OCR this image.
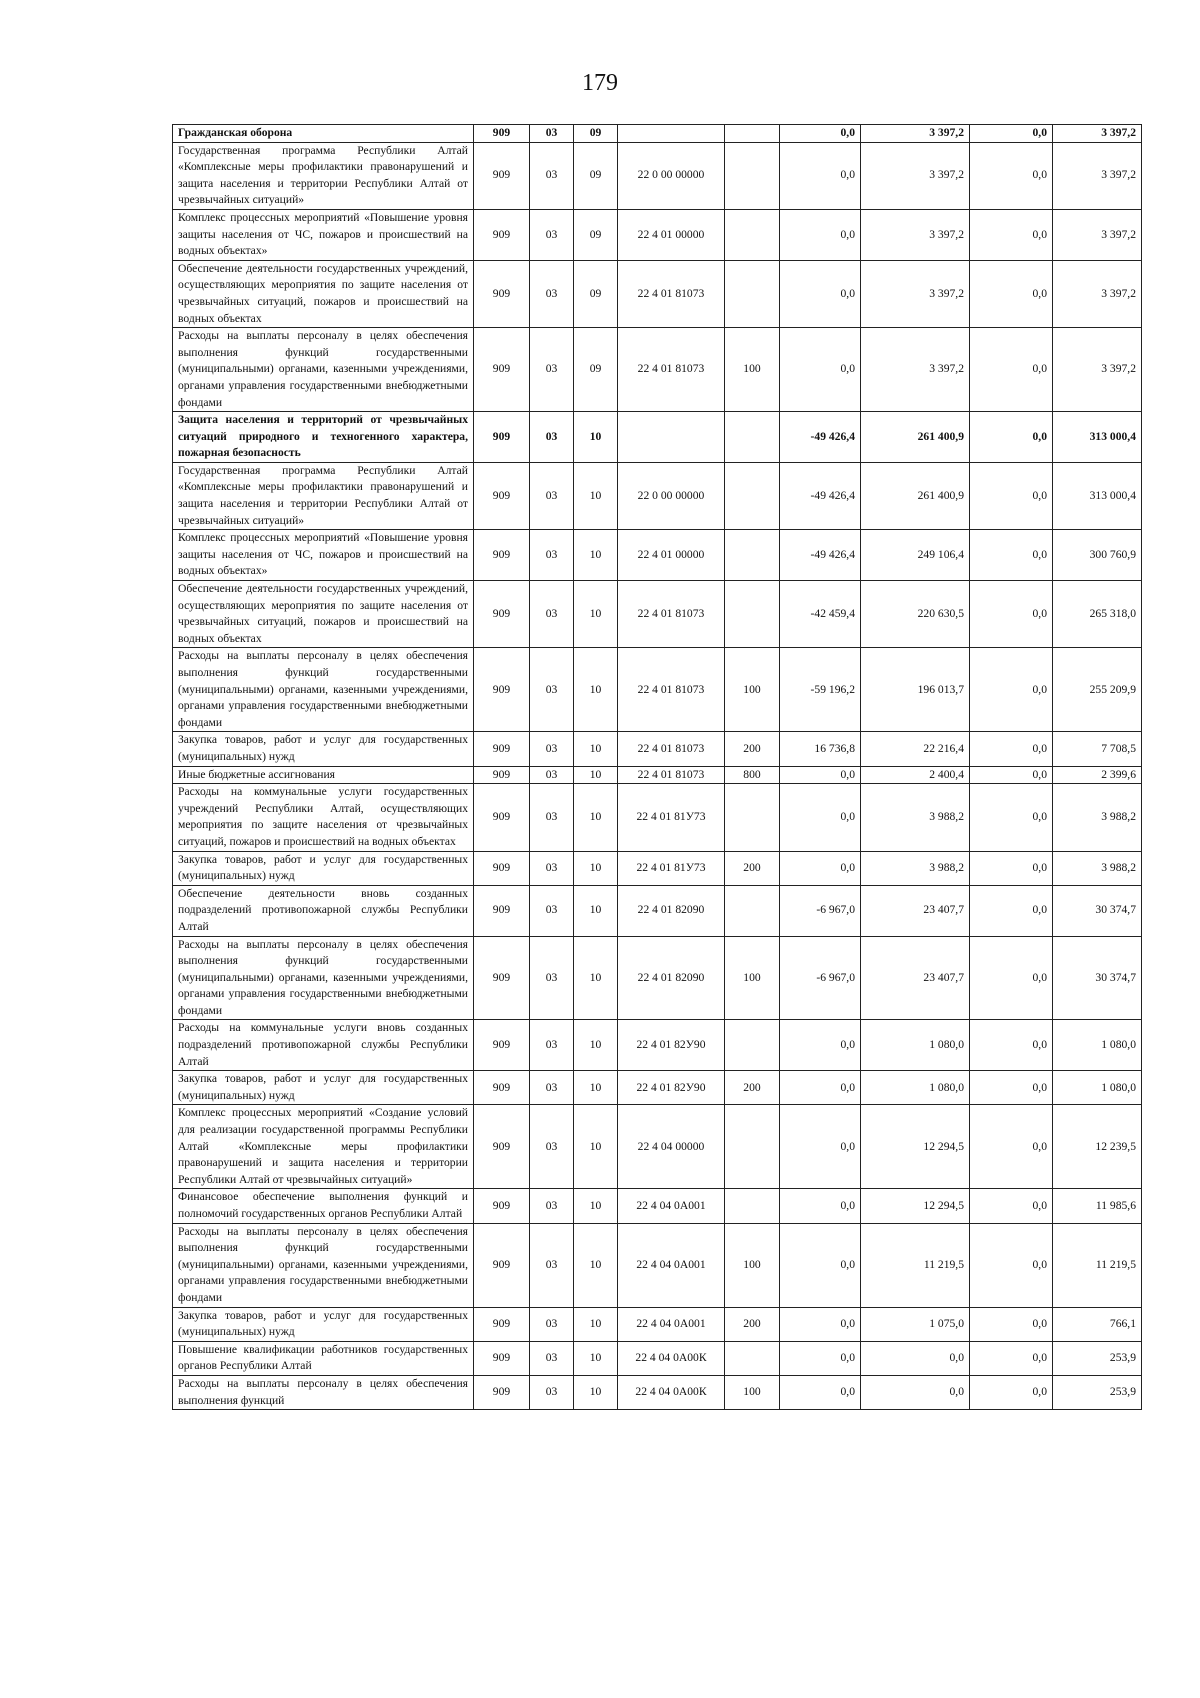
179
Гражданская оборона	909	03	09			0,0	3 397,2	0,0	3 397,2
Государственная программа Республики Алтай «Комплексные меры профилактики правонарушений и защита населения и территории Республики Алтай от чрезвычайных ситуаций»	909	03	09	22 0 00 00000		0,0	3 397,2	0,0	3 397,2
Комплекс процессных мероприятий «Повышение уровня защиты населения от ЧС, пожаров и происшествий на водных объектах»	909	03	09	22 4 01 00000		0,0	3 397,2	0,0	3 397,2
Обеспечение деятельности государственных учреждений, осуществляющих мероприятия по защите населения от чрезвычайных ситуаций, пожаров и происшествий на водных объектах	909	03	09	22 4 01 81073		0,0	3 397,2	0,0	3 397,2
Расходы на выплаты персоналу в целях обеспечения выполнения функций государственными (муниципальными) органами, казенными учреждениями, органами управления государственными внебюджетными фондами	909	03	09	22 4 01 81073	100	0,0	3 397,2	0,0	3 397,2
Защита населения и территорий от чрезвычайных ситуаций природного и техногенного характера, пожарная безопасность	909	03	10			-49 426,4	261 400,9	0,0	313 000,4
Государственная программа Республики Алтай «Комплексные меры профилактики правонарушений и защита населения и территории Республики Алтай от чрезвычайных ситуаций»	909	03	10	22 0 00 00000		-49 426,4	261 400,9	0,0	313 000,4
Комплекс процессных мероприятий «Повышение уровня защиты населения от ЧС, пожаров и происшествий на водных объектах»	909	03	10	22 4 01 00000		-49 426,4	249 106,4	0,0	300 760,9
Обеспечение деятельности государственных учреждений, осуществляющих мероприятия по защите населения от чрезвычайных ситуаций, пожаров и происшествий на водных объектах	909	03	10	22 4 01 81073		-42 459,4	220 630,5	0,0	265 318,0
Расходы на выплаты персоналу в целях обеспечения выполнения функций государственными (муниципальными) органами, казенными учреждениями, органами управления государственными внебюджетными фондами	909	03	10	22 4 01 81073	100	-59 196,2	196 013,7	0,0	255 209,9
Закупка товаров, работ и услуг для государственных (муниципальных) нужд	909	03	10	22 4 01 81073	200	16 736,8	22 216,4	0,0	7 708,5
Иные бюджетные ассигнования	909	03	10	22 4 01 81073	800	0,0	2 400,4	0,0	2 399,6
Расходы на коммунальные услуги государственных учреждений Республики Алтай, осуществляющих мероприятия по защите населения от чрезвычайных ситуаций, пожаров и происшествий на водных объектах	909	03	10	22 4 01 81У73		0,0	3 988,2	0,0	3 988,2
Закупка товаров, работ и услуг для государственных (муниципальных) нужд	909	03	10	22 4 01 81У73	200	0,0	3 988,2	0,0	3 988,2
Обеспечение деятельности вновь созданных подразделений противопожарной службы Республики Алтай	909	03	10	22 4 01 82090		-6 967,0	23 407,7	0,0	30 374,7
Расходы на выплаты персоналу в целях обеспечения выполнения функций государственными (муниципальными) органами, казенными учреждениями, органами управления государственными внебюджетными фондами	909	03	10	22 4 01 82090	100	-6 967,0	23 407,7	0,0	30 374,7
Расходы на коммунальные услуги вновь созданных подразделений противопожарной службы Республики Алтай	909	03	10	22 4 01 82У90		0,0	1 080,0	0,0	1 080,0
Закупка товаров, работ и услуг для государственных (муниципальных) нужд	909	03	10	22 4 01 82У90	200	0,0	1 080,0	0,0	1 080,0
Комплекс процессных мероприятий «Создание условий для реализации государственной программы Республики Алтай «Комплексные меры профилактики правонарушений и защита населения и территории Республики Алтай от чрезвычайных ситуаций»	909	03	10	22 4 04 00000		0,0	12 294,5	0,0	12 239,5
Финансовое обеспечение выполнения функций и полномочий государственных органов Республики Алтай	909	03	10	22 4 04 0А001		0,0	12 294,5	0,0	11 985,6
Расходы на выплаты персоналу в целях обеспечения выполнения функций государственными (муниципальными) органами, казенными учреждениями, органами управления государственными внебюджетными фондами	909	03	10	22 4 04 0А001	100	0,0	11 219,5	0,0	11 219,5
Закупка товаров, работ и услуг для государственных (муниципальных) нужд	909	03	10	22 4 04 0А001	200	0,0	1 075,0	0,0	766,1
Повышение квалификации работников государственных органов Республики Алтай	909	03	10	22 4 04 0А00К		0,0	0,0	0,0	253,9
Расходы на выплаты персоналу в целях обеспечения выполнения функций	909	03	10	22 4 04 0А00К	100	0,0	0,0	0,0	253,9
